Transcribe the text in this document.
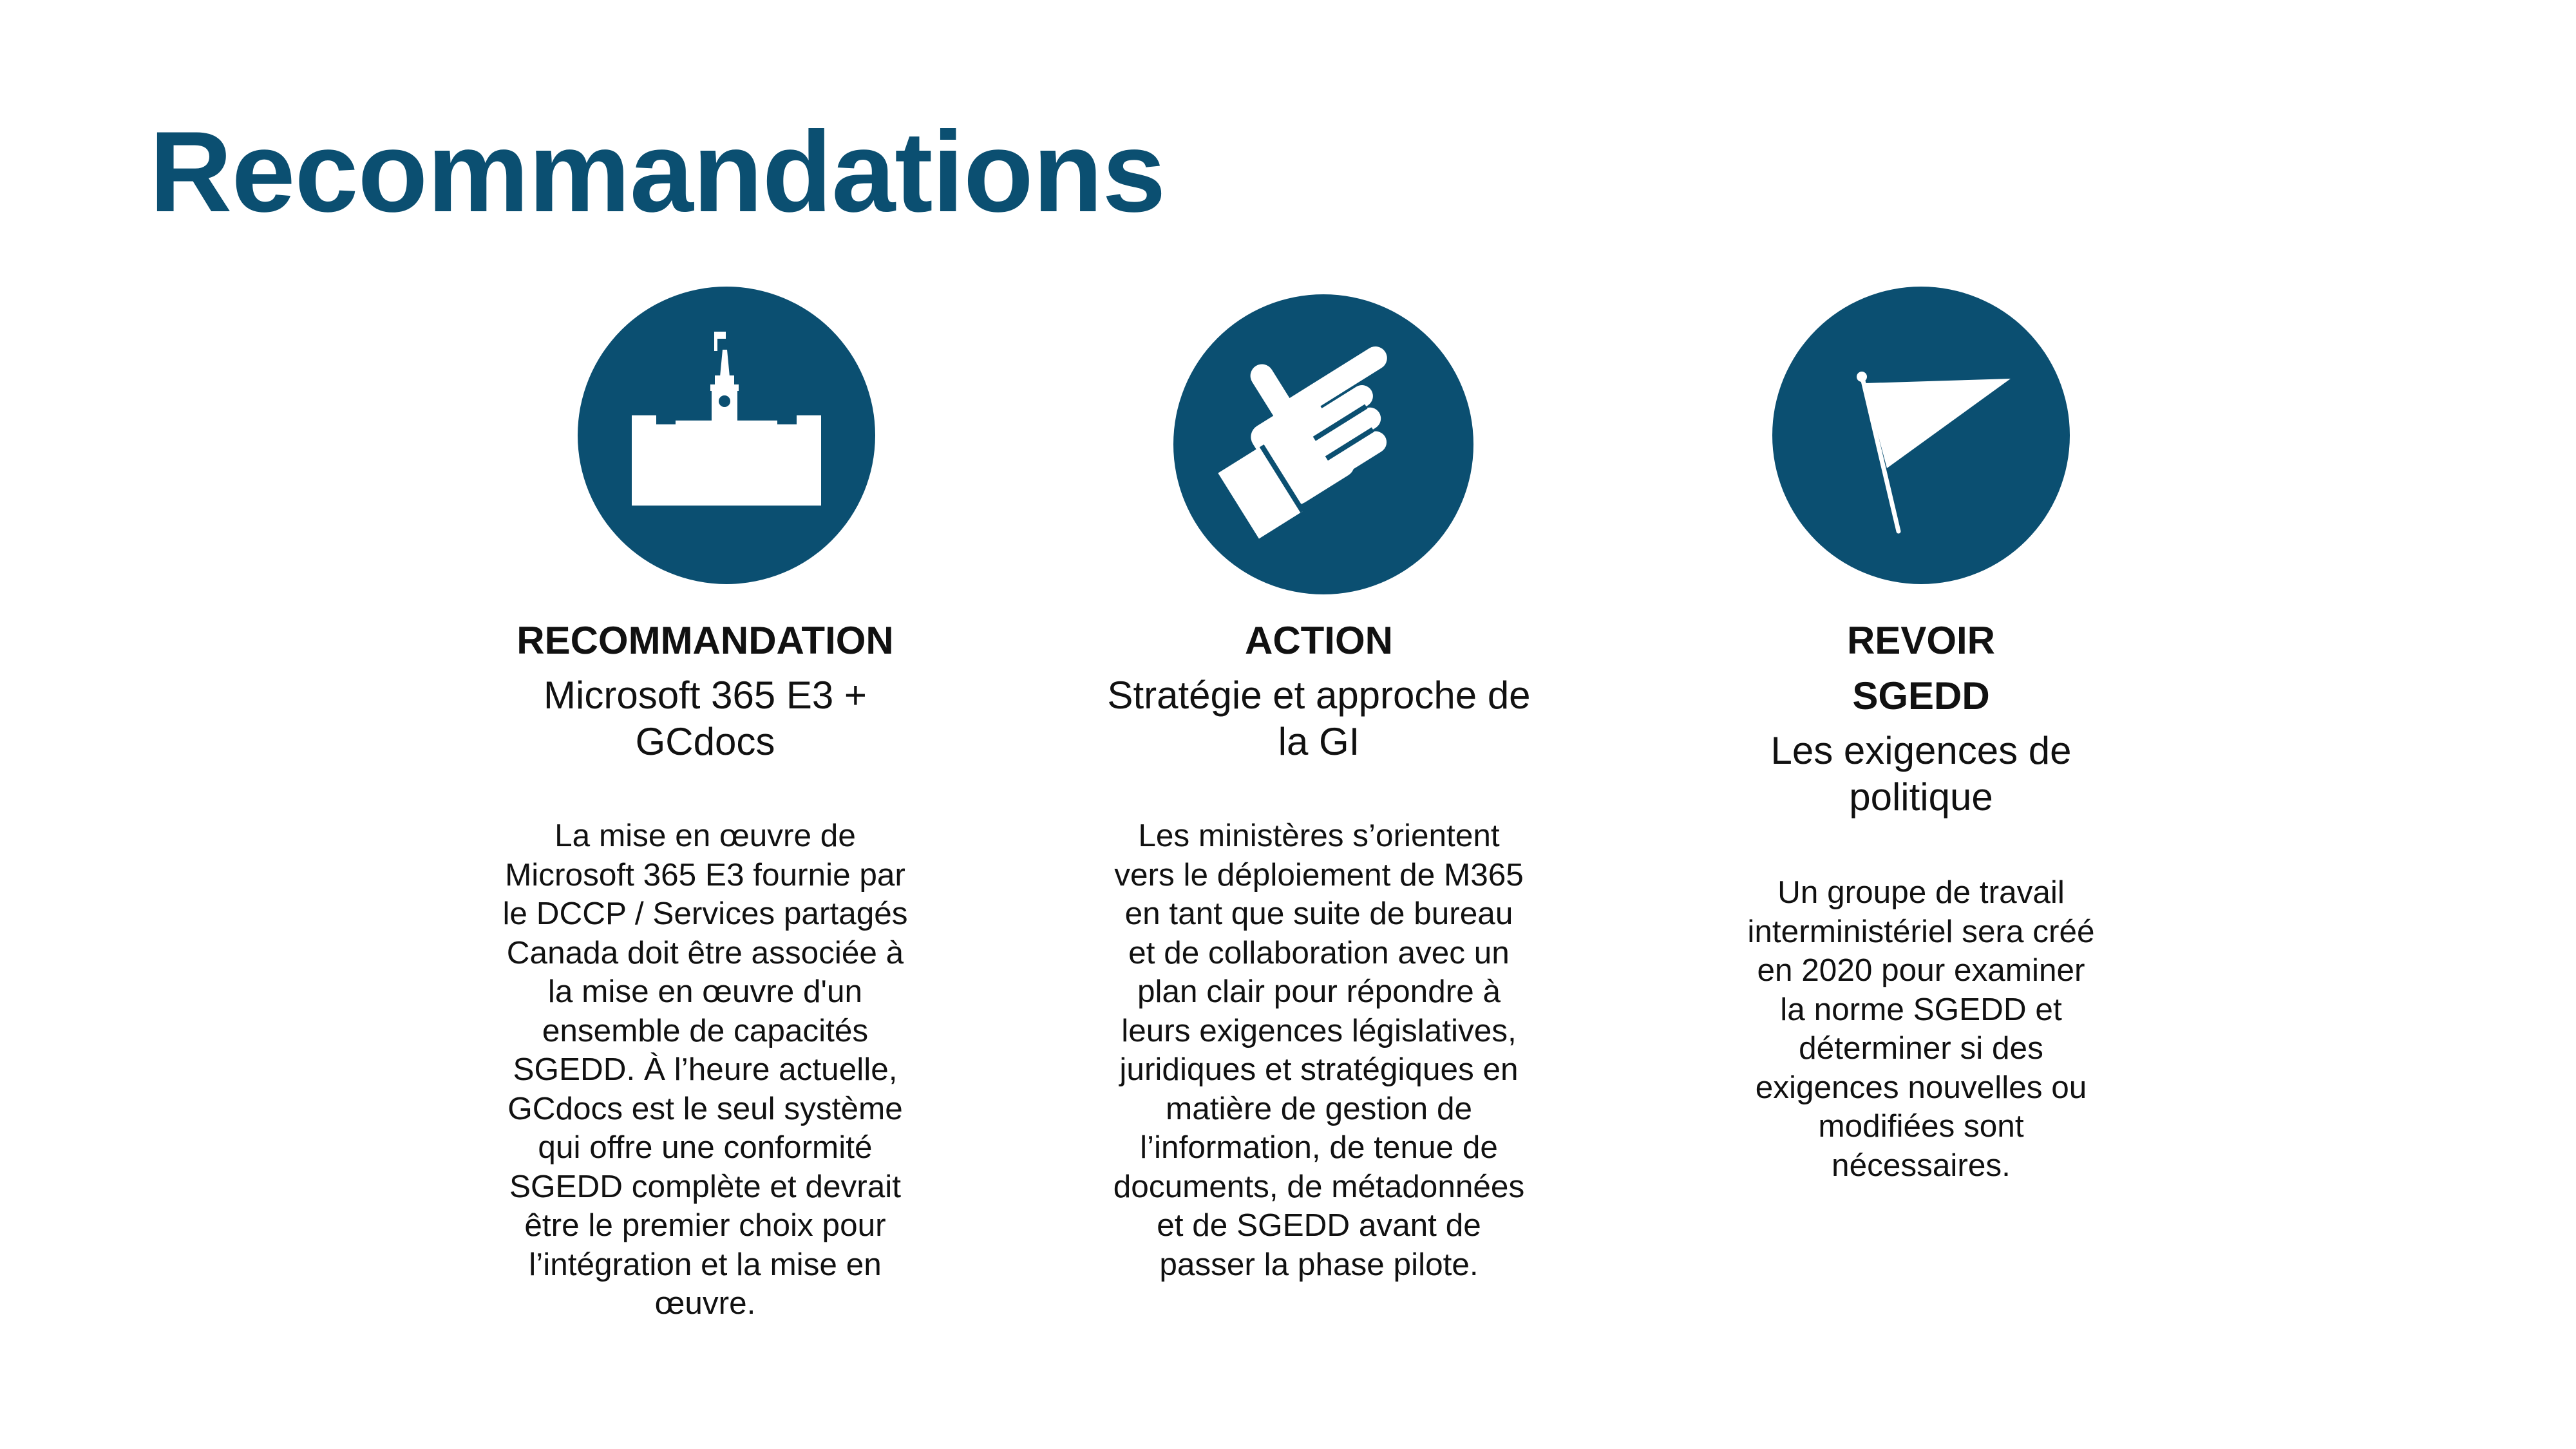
Recommandations
RECOMMANDATION
Microsoft 365 E3 + GCdocs
La mise en œuvre de Microsoft 365 E3 fournie par le DCCP / Services partagés Canada doit être associée à la mise en œuvre d'un ensemble de capacités SGEDD. À l’heure actuelle, GCdocs est le seul système qui offre une conformité SGEDD complète et devrait être le premier choix pour l’intégration et la mise en œuvre.
ACTION
Stratégie et approche de la GI
Les ministères s’orientent vers le déploiement de M365 en tant que suite de bureau et de collaboration avec un plan clair pour répondre à leurs exigences législatives, juridiques et stratégiques en matière de gestion de l’information, de tenue de documents, de métadonnées et de SGEDD avant de passer la phase pilote.
REVOIR
SGEDD
Les exigences de politique
Un groupe de travail interministériel sera créé en 2020 pour examiner la norme SGEDD et déterminer si des exigences nouvelles ou modifiées sont nécessaires.
